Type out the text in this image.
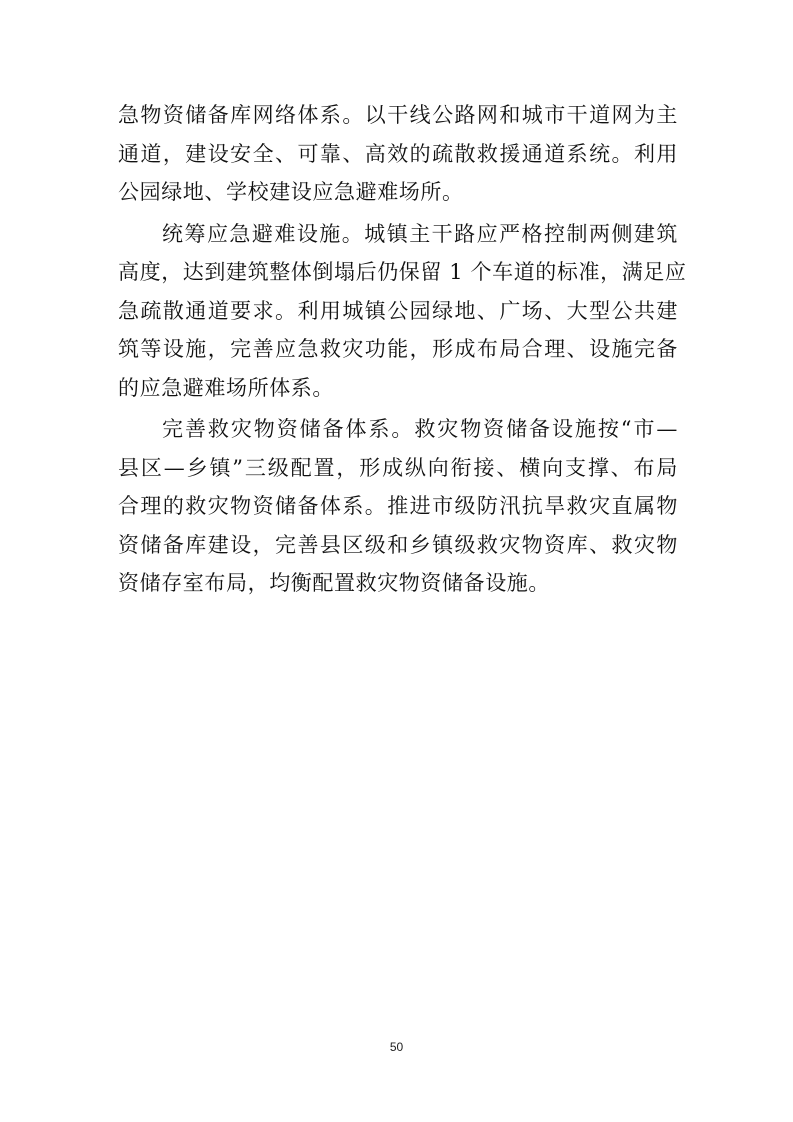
急物资储备库网络体系。以干线公路网和城市干道网为主
通道，建设安全、可靠、高效的疏散救援通道系统。利用
公园绿地、学校建设应急避难场所。
统筹应急避难设施。城镇主干路应严格控制两侧建筑
高度，达到建筑整体倒塌后仍保留 1 个车道的标准，满足应
急疏散通道要求。利用城镇公园绿地、广场、大型公共建
筑等设施，完善应急救灾功能，形成布局合理、设施完备
的应急避难场所体系。
完善救灾物资储备体系。救灾物资储备设施按“市—
县区—乡镇”三级配置，形成纵向衔接、横向支撑、布局
合理的救灾物资储备体系。推进市级防汛抗旱救灾直属物
资储备库建设，完善县区级和乡镇级救灾物资库、救灾物
资储存室布局，均衡配置救灾物资储备设施。
50
